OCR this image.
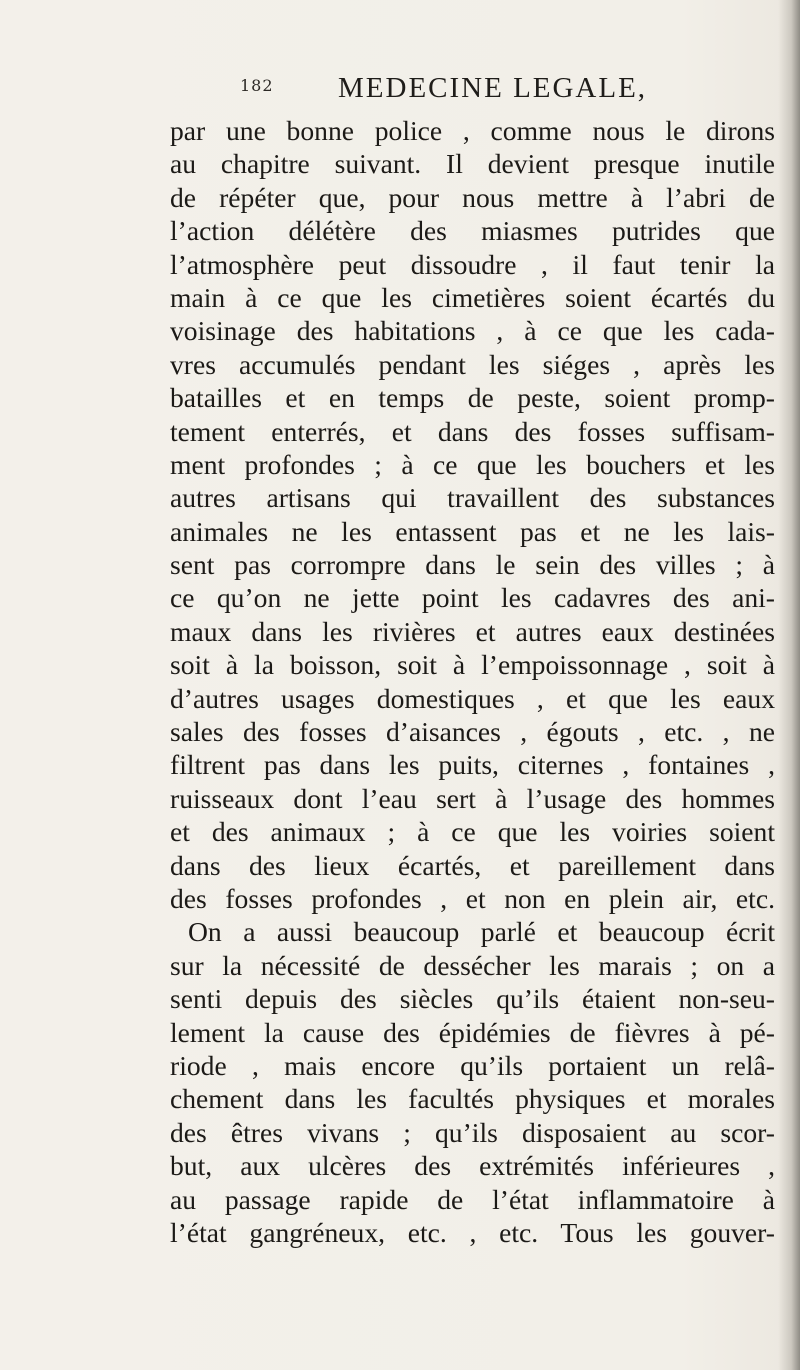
182 MEDECINE LEGALE,
par une bonne police , comme nous le dirons
au chapitre suivant. Il devient presque inutile
de répéter que, pour nous mettre à l’abri de
l’action délétère des miasmes putrides que
l’atmosphère peut dissoudre , il faut tenir la
main à ce que les cimetières soient écartés du
voisinage des habitations , à ce que les cada-
vres accumulés pendant les siéges , après les
batailles et en temps de peste, soient promp-
tement enterrés, et dans des fosses suffisam-
ment profondes ; à ce que les bouchers et les
autres artisans qui travaillent des substances
animales ne les entassent pas et ne les lais-
sent pas corrompre dans le sein des villes ; à
ce qu’on ne jette point les cadavres des ani-
maux dans les rivières et autres eaux destinées
soit à la boisson, soit à l’empoissonnage , soit à
d’autres usages domestiques , et que les eaux
sales des fosses d’aisances , égouts , etc. , ne
filtrent pas dans les puits, citernes , fontaines ,
ruisseaux dont l’eau sert à l’usage des hommes
et des animaux ; à ce que les voiries soient
dans des lieux écartés, et pareillement dans
des fosses profondes , et non en plein air, etc.
On a aussi beaucoup parlé et beaucoup écrit
sur la nécessité de dessécher les marais ; on a
senti depuis des siècles qu’ils étaient non-seu-
lement la cause des épidémies de fièvres à pé-
riode , mais encore qu’ils portaient un relâ-
chement dans les facultés physiques et morales
des êtres vivans ; qu’ils disposaient au scor-
but, aux ulcères des extrémités inférieures ,
au passage rapide de l’état inflammatoire à
l’état gangréneux, etc. , etc. Tous les gouver-
